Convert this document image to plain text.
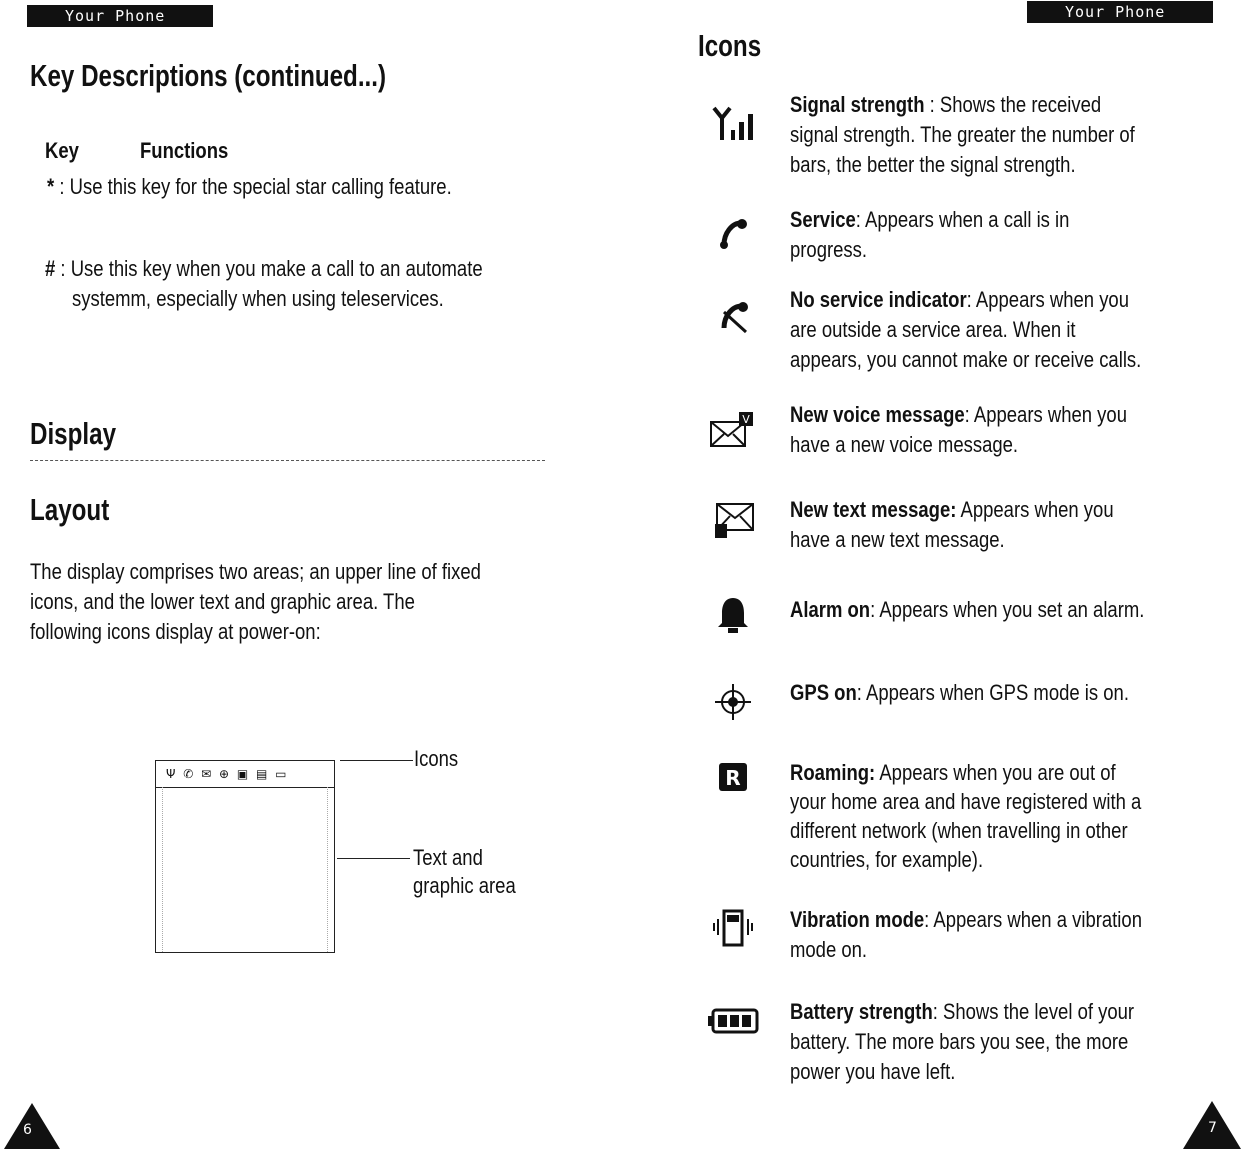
Your Phone
Key Descriptions (continued...)
Key	Functions
* : Use this key for the special star calling feature.
# : Use this key when you make a call to an automate
systemm, especially when using teleservices.
Display
Layout
The display comprises two areas; an upper line of fixed
icons, and the lower text and graphic area. The
following icons display at power-on:
Ψ ✆ ✉ ⊕ ▣ ▤ ▭
Icons
Text and
graphic area
6
Your Phone
Icons
V
R
Signal strength : Shows the received
signal strength. The greater the number of
bars, the better the signal strength.
Service: Appears when a call is in
progress.
No service indicator: Appears when you
are outside a service area. When it
appears, you cannot make or receive calls.
New voice message: Appears when you
have a new voice message.
New text message: Appears when you
have a new text message.
Alarm on: Appears when you set an alarm.
GPS on: Appears when GPS mode is on.
Roaming: Appears when you are out of
your home area and have registered with a
different network (when travelling in other
countries, for example).
Vibration mode: Appears when a vibration
mode on.
Battery strength: Shows the level of your
battery. The more bars you see, the more
power you have left.
7
